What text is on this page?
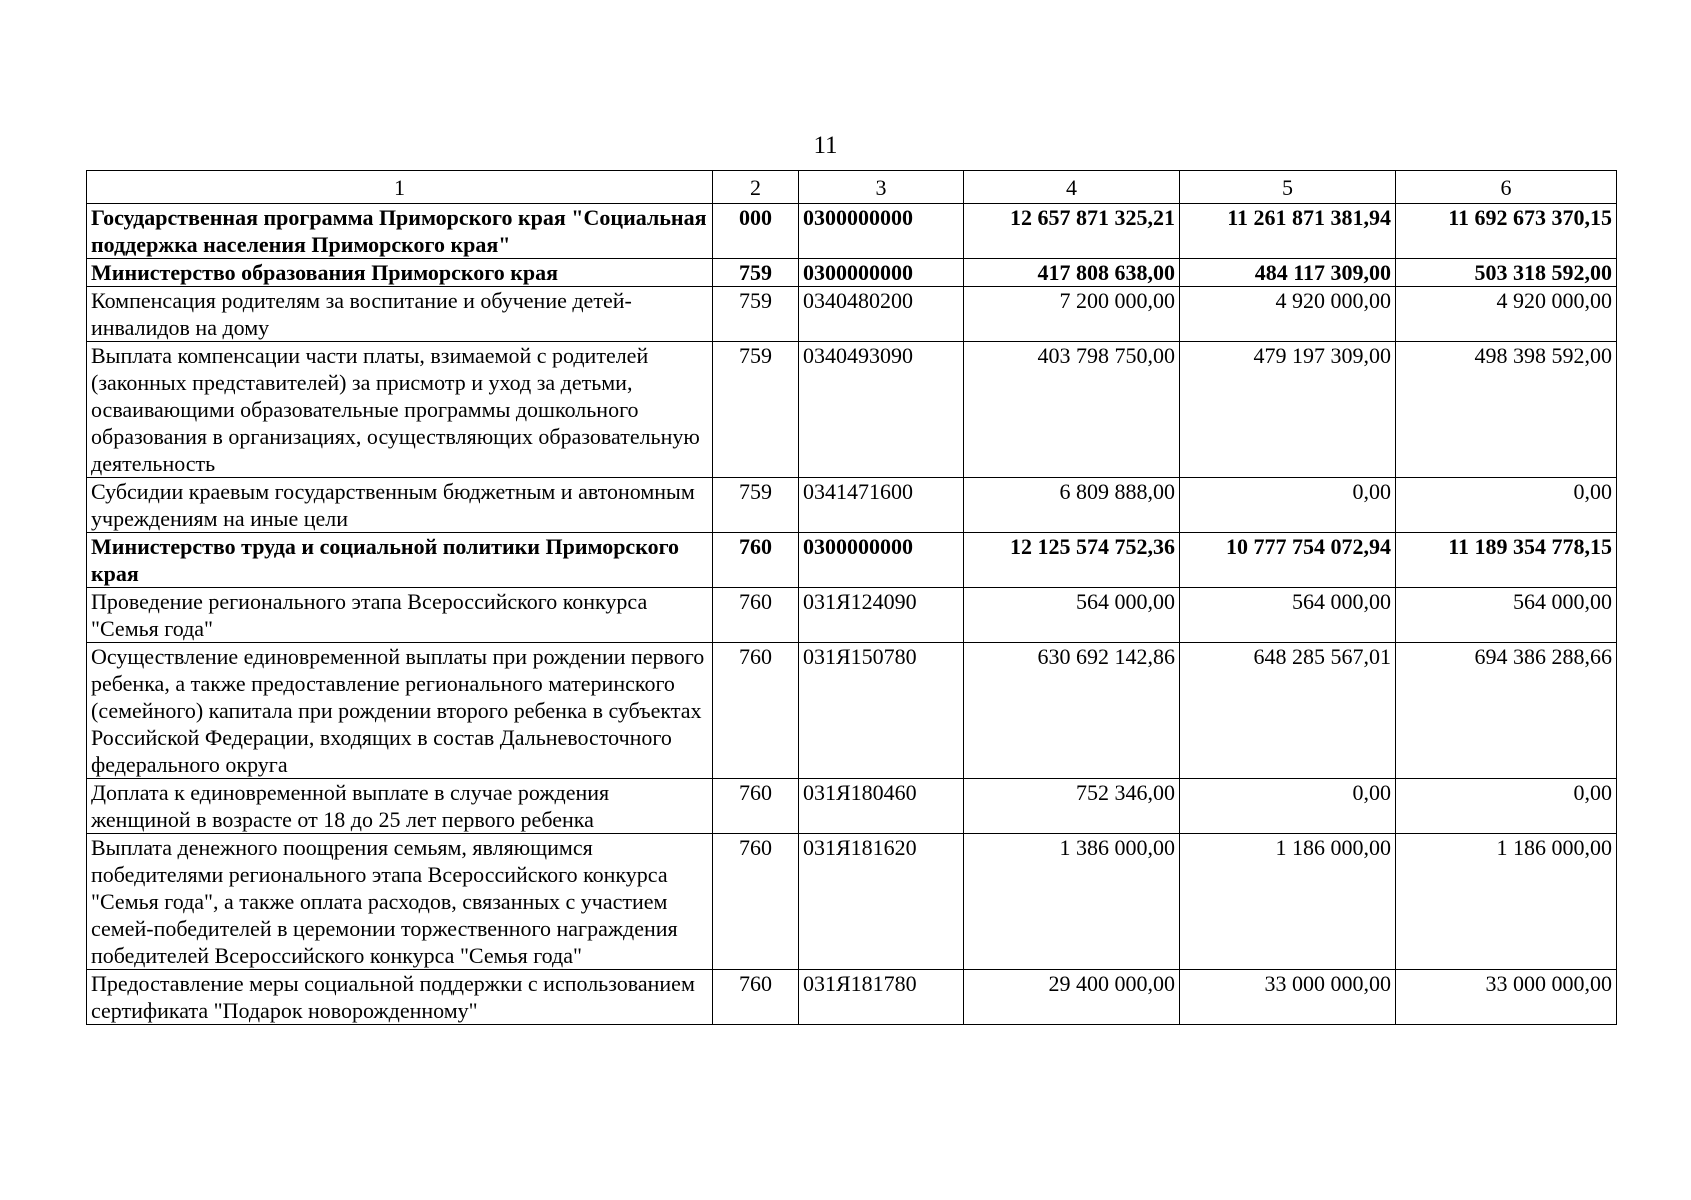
11
1	2	3	4	5	6
Государственная программа Приморского края "Социальная поддержка населения Приморского края"	000	0300000000	12 657 871 325,21	11 261 871 381,94	11 692 673 370,15
Министерство образования Приморского края	759	0300000000	417 808 638,00	484 117 309,00	503 318 592,00
Компенсация родителям за воспитание и обучение детей-инвалидов на дому	759	0340480200	7 200 000,00	4 920 000,00	4 920 000,00
Выплата компенсации части платы, взимаемой с родителей (законных представителей) за присмотр и уход за детьми, осваивающими образовательные программы дошкольного образования в организациях, осуществляющих образовательную деятельность	759	0340493090	403 798 750,00	479 197 309,00	498 398 592,00
Субсидии краевым государственным бюджетным и автономным учреждениям на иные цели	759	0341471600	6 809 888,00	0,00	0,00
Министерство труда и социальной политики Приморского края	760	0300000000	12 125 574 752,36	10 777 754 072,94	11 189 354 778,15
Проведение регионального этапа Всероссийского конкурса "Семья года"	760	031Я124090	564 000,00	564 000,00	564 000,00
Осуществление единовременной выплаты при рождении первого ребенка, а также предоставление регионального материнского (семейного) капитала при рождении второго ребенка в субъектах Российской Федерации, входящих в состав Дальневосточного федерального округа	760	031Я150780	630 692 142,86	648 285 567,01	694 386 288,66
Доплата к единовременной выплате в случае рождения женщиной в возрасте от 18 до 25 лет первого ребенка	760	031Я180460	752 346,00	0,00	0,00
Выплата денежного поощрения семьям, являющимся победителями регионального этапа Всероссийского конкурса "Семья года", а также оплата расходов, связанных с участием семей-победителей в церемонии торжественного награждения победителей Всероссийского конкурса "Семья года"	760	031Я181620	1 386 000,00	1 186 000,00	1 186 000,00
Предоставление меры социальной поддержки с использованием сертификата "Подарок новорожденному"	760	031Я181780	29 400 000,00	33 000 000,00	33 000 000,00
